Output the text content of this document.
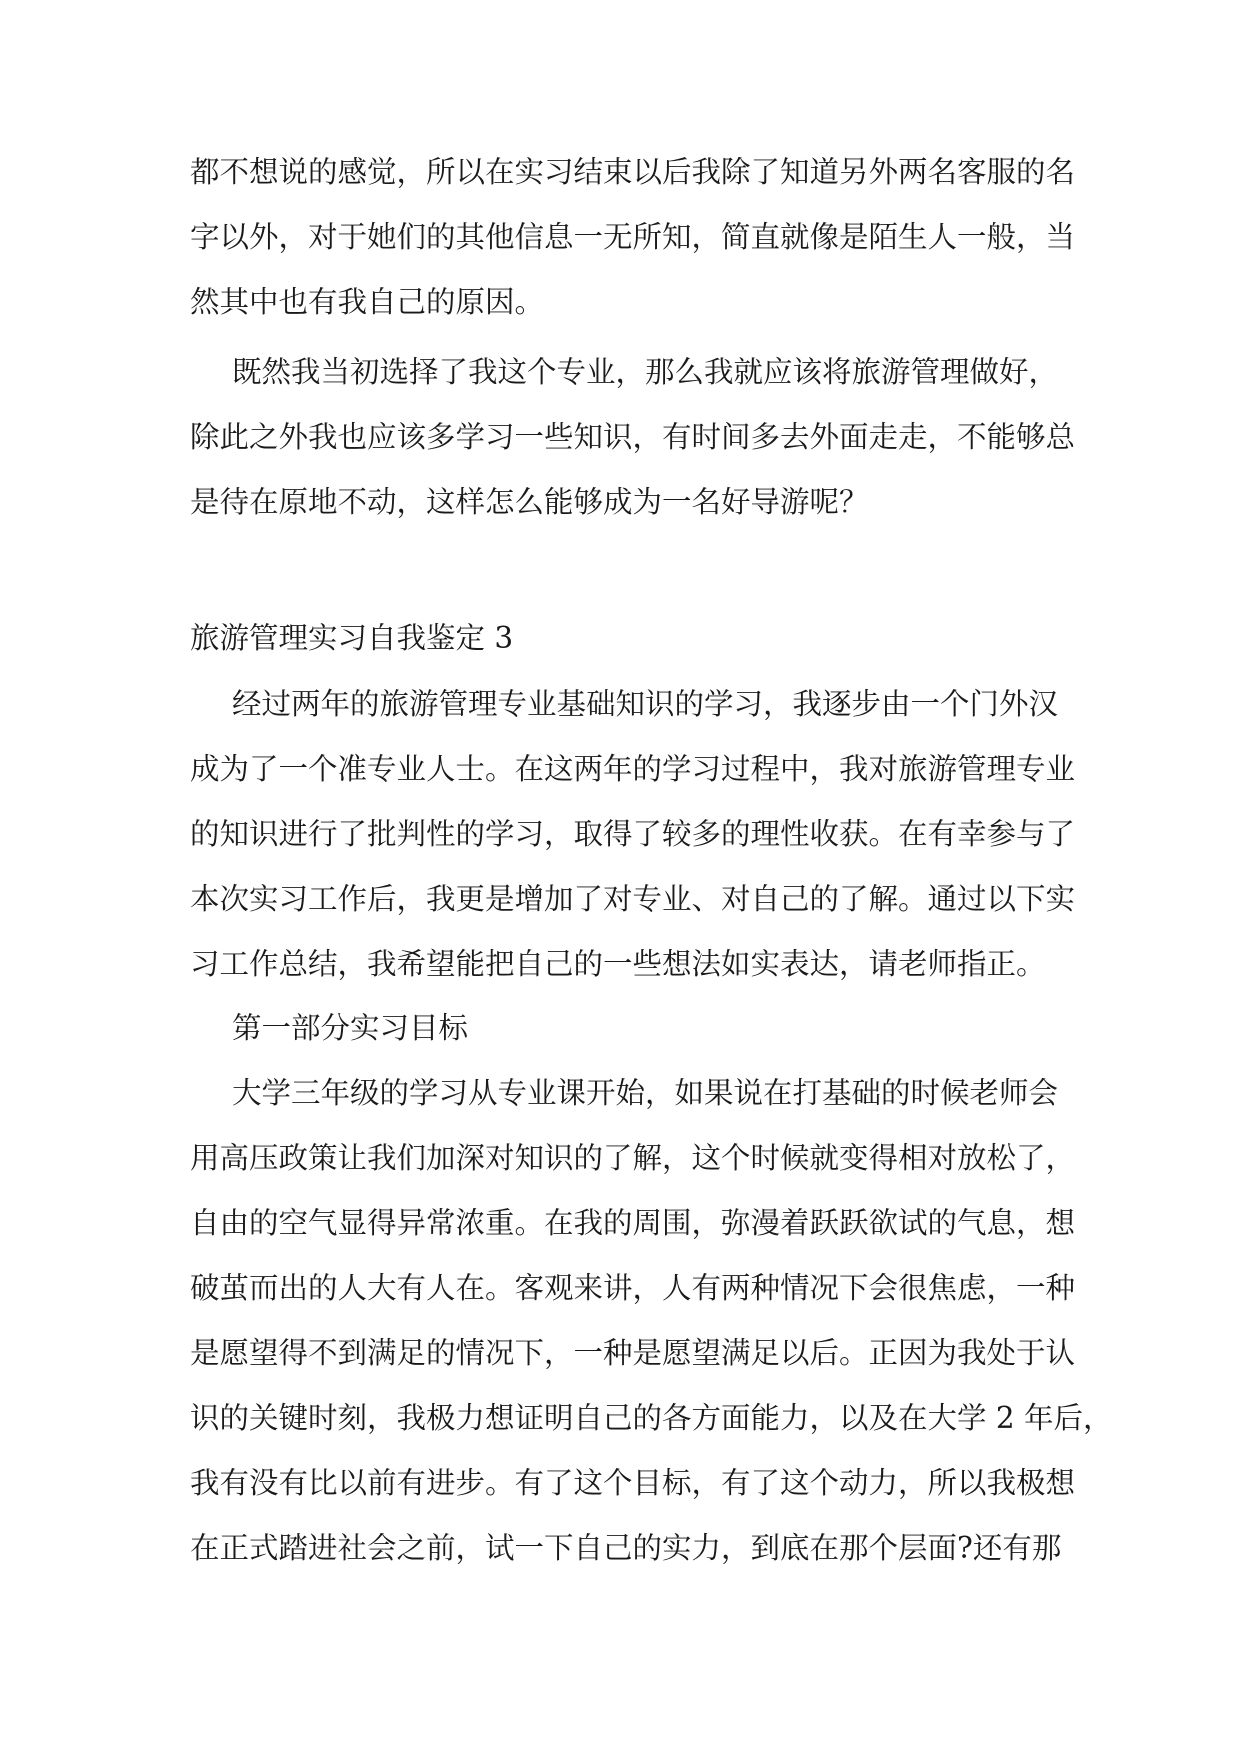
都不想说的感觉，所以在实习结束以后我除了知道另外两名客服的名
字以外，对于她们的其他信息一无所知，简直就像是陌生人一般，当
然其中也有我自己的原因。
既然我当初选择了我这个专业，那么我就应该将旅游管理做好，
除此之外我也应该多学习一些知识，有时间多去外面走走，不能够总
是待在原地不动，这样怎么能够成为一名好导游呢？
旅游管理实习自我鉴定 3
经过两年的旅游管理专业基础知识的学习，我逐步由一个门外汉
成为了一个准专业人士。在这两年的学习过程中，我对旅游管理专业
的知识进行了批判性的学习，取得了较多的理性收获。在有幸参与了
本次实习工作后，我更是增加了对专业、对自己的了解。通过以下实
习工作总结，我希望能把自己的一些想法如实表达，请老师指正。
第一部分实习目标
大学三年级的学习从专业课开始，如果说在打基础的时候老师会
用高压政策让我们加深对知识的了解，这个时候就变得相对放松了，
自由的空气显得异常浓重。在我的周围，弥漫着跃跃欲试的气息，想
破茧而出的人大有人在。客观来讲，人有两种情况下会很焦虑，一种
是愿望得不到满足的情况下，一种是愿望满足以后。正因为我处于认
识的关键时刻，我极力想证明自己的各方面能力，以及在大学 2 年后，
我有没有比以前有进步。有了这个目标，有了这个动力，所以我极想
在正式踏进社会之前，试一下自己的实力，到底在那个层面?还有那
